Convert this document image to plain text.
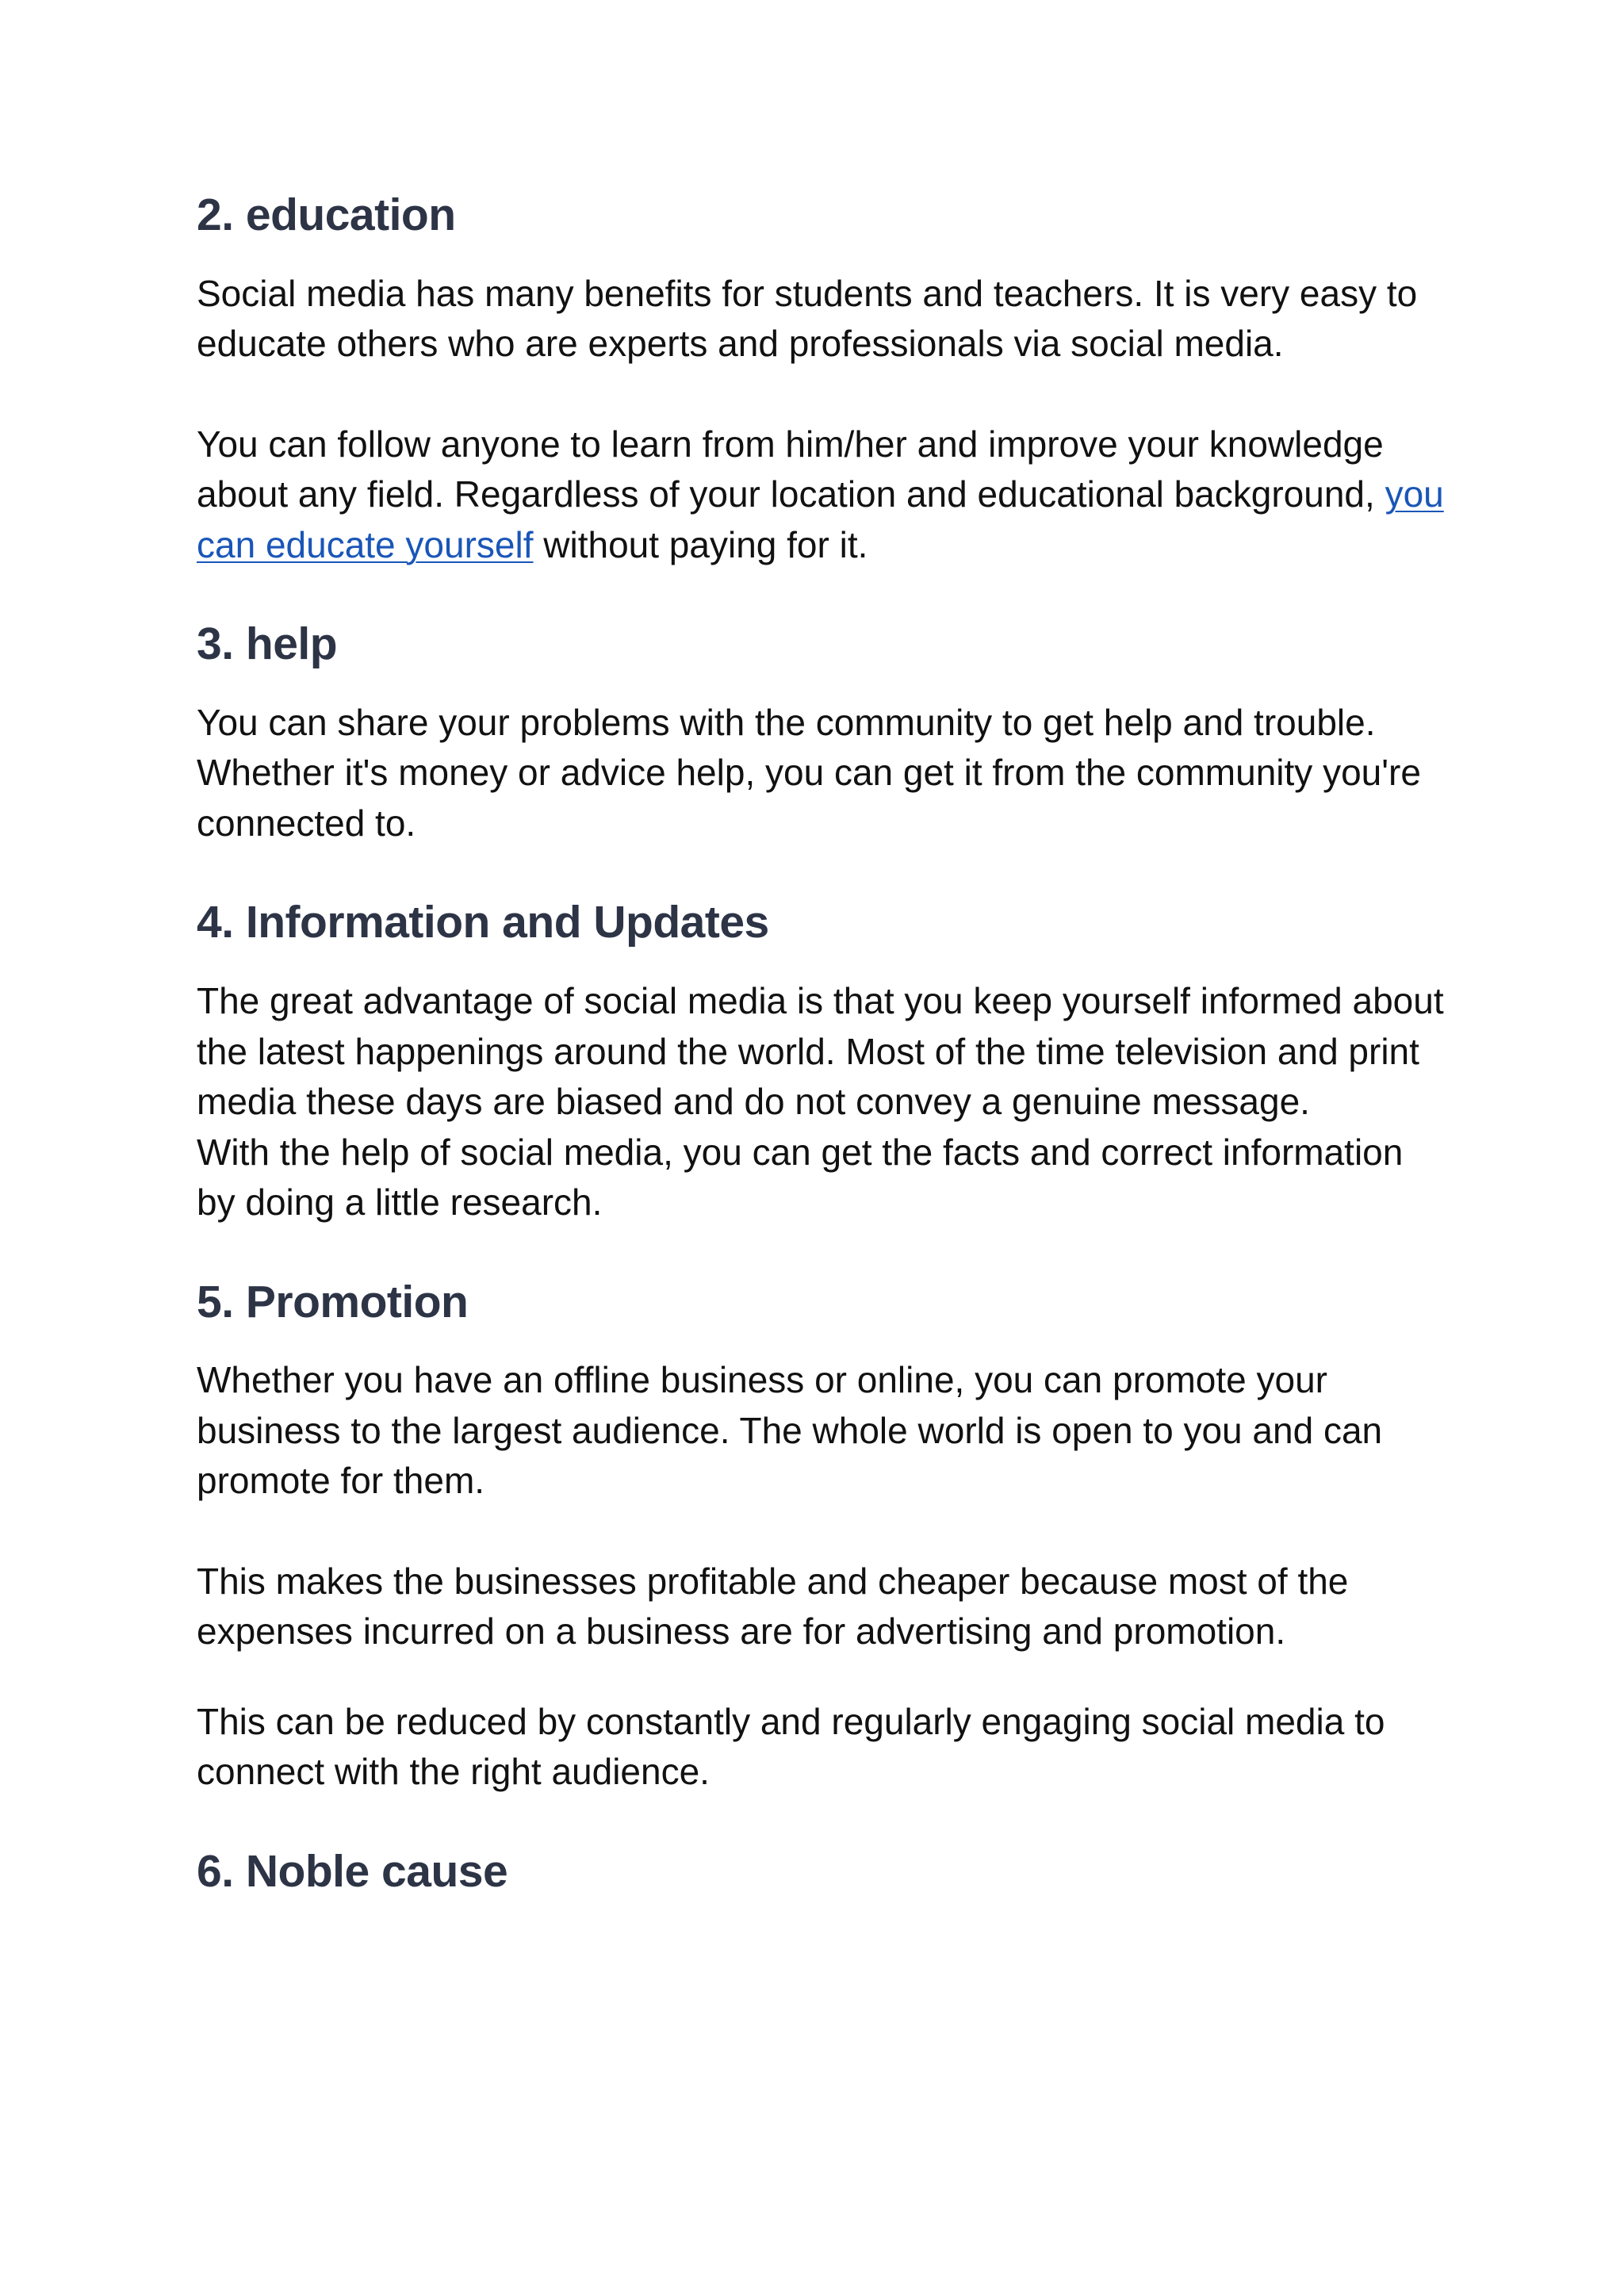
2. education

Social media has many benefits for students and teachers. It is very easy to educate others who are experts and professionals via social media.

You can follow anyone to learn from him/her and improve your knowledge about any field. Regardless of your location and educational background, you can educate yourself without paying for it.

3. help

You can share your problems with the community to get help and trouble. Whether it's money or advice help, you can get it from the community you're connected to.

4. Information and Updates

The great advantage of social media is that you keep yourself informed about the latest happenings around the world. Most of the time television and print media these days are biased and do not convey a genuine message.

With the help of social media, you can get the facts and correct information by doing a little research.

5. Promotion

Whether you have an offline business or online, you can promote your business to the largest audience. The whole world is open to you and can promote for them.

This makes the businesses profitable and cheaper because most of the expenses incurred on a business are for advertising and promotion.

This can be reduced by constantly and regularly engaging social media to connect with the right audience.

6. Noble cause
